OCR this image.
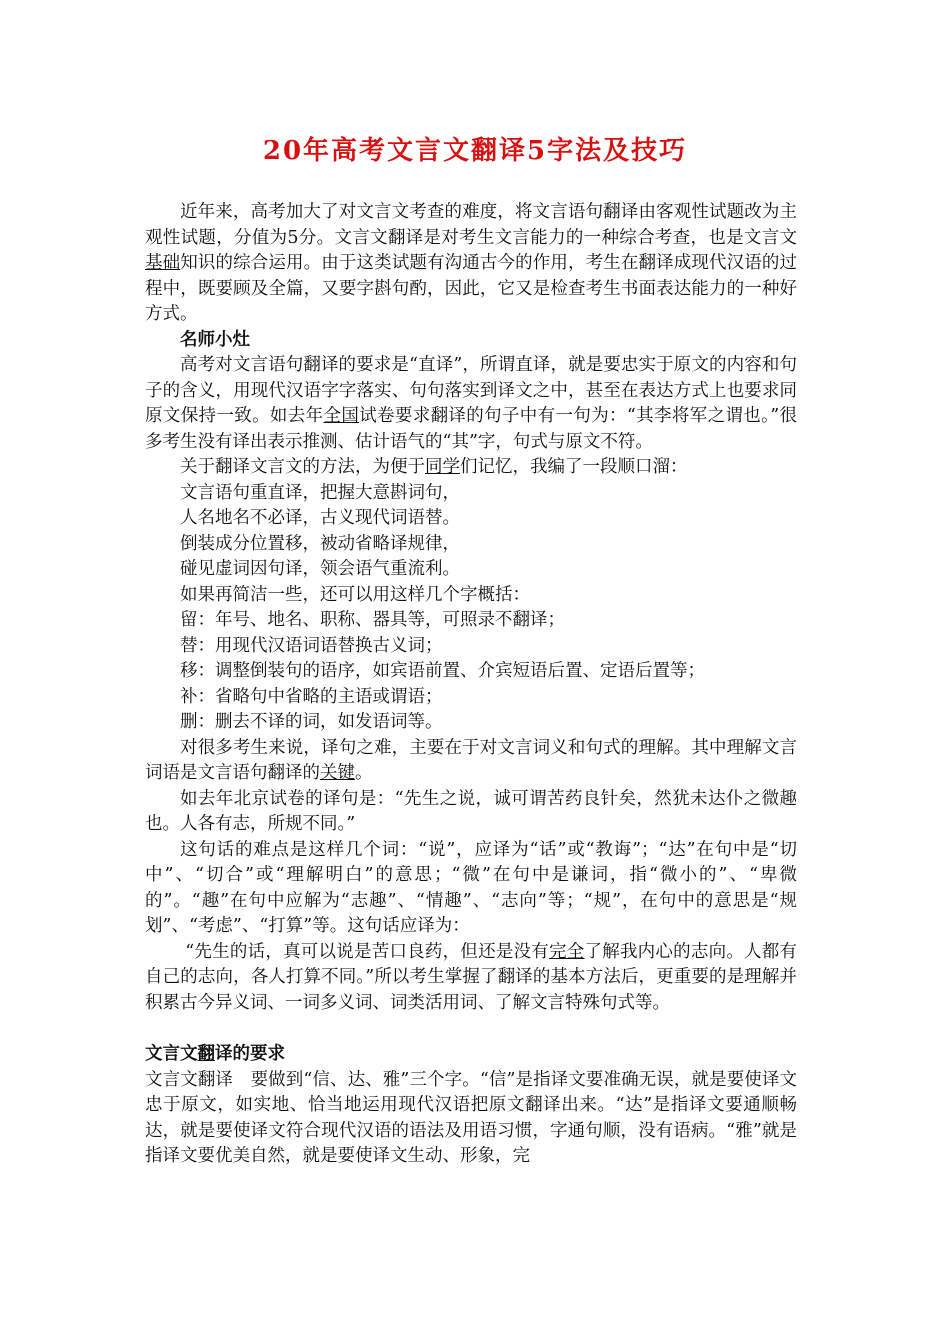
20年高考文言文翻译5字法及技巧

近年来，高考加大了对文言文考查的难度，将文言语句翻译由客观性试题改为主观性试题，分值为5分。文言文翻译是对考生文言能力的一种综合考查，也是文言文基础知识的综合运用。由于这类试题有沟通古今的作用，考生在翻译成现代汉语的过程中，既要顾及全篇，又要字斟句酌，因此，它又是检查考生书面表达能力的一种好方式。

名师小灶

高考对文言语句翻译的要求是“直译”，所谓直译，就是要忠实于原文的内容和句子的含义，用现代汉语字字落实、句句落实到译文之中，甚至在表达方式上也要求同原文保持一致。如去年全国试卷要求翻译的句子中有一句为：“其李将军之谓也。”很多考生没有译出表示推测、估计语气的“其”字，句式与原文不符。

关于翻译文言文的方法，为便于同学们记忆，我编了一段顺口溜：

文言语句重直译，把握大意斟词句，

人名地名不必译，古义现代词语替。

倒装成分位置移，被动省略译规律，

碰见虚词因句译，领会语气重流利。

如果再简洁一些，还可以用这样几个字概括：

留：年号、地名、职称、器具等，可照录不翻译；

替：用现代汉语词语替换古义词；

移：调整倒装句的语序，如宾语前置、介宾短语后置、定语后置等；

补：省略句中省略的主语或谓语；

删：删去不译的词，如发语词等。

对很多考生来说，译句之难，主要在于对文言词义和句式的理解。其中理解文言词语是文言语句翻译的关键。

如去年北京试卷的译句是：“先生之说，诚可谓苦药良针矣，然犹未达仆之微趣也。人各有志，所规不同。”

这句话的难点是这样几个词：“说”，应译为“话”或“教诲”；“达”在句中是“切中”、“切合”或“理解明白”的意思；“微”在句中是谦词，指“微小的”、“卑微的”。“趣”在句中应解为“志趣”、“情趣”、“志向”等；“规”，在句中的意思是“规划”、“考虑”、“打算”等。这句话应译为：

“先生的话，真可以说是苦口良药，但还是没有完全了解我内心的志向。人都有自己的志向，各人打算不同。”所以考生掌握了翻译的基本方法后，更重要的是理解并积累古今异义词、一词多义词、词类活用词、了解文言特殊句式等。

文言文翻译的要求

文言文翻译　要做到“信、达、雅”三个字。“信”是指译文要准确无误，就是要使译文忠于原文，如实地、恰当地运用现代汉语把原文翻译出来。“达”是指译文要通顺畅达，就是要使译文符合现代汉语的语法及用语习惯，字通句顺，没有语病。“雅”就是指译文要优美自然，就是要使译文生动、形象，完
